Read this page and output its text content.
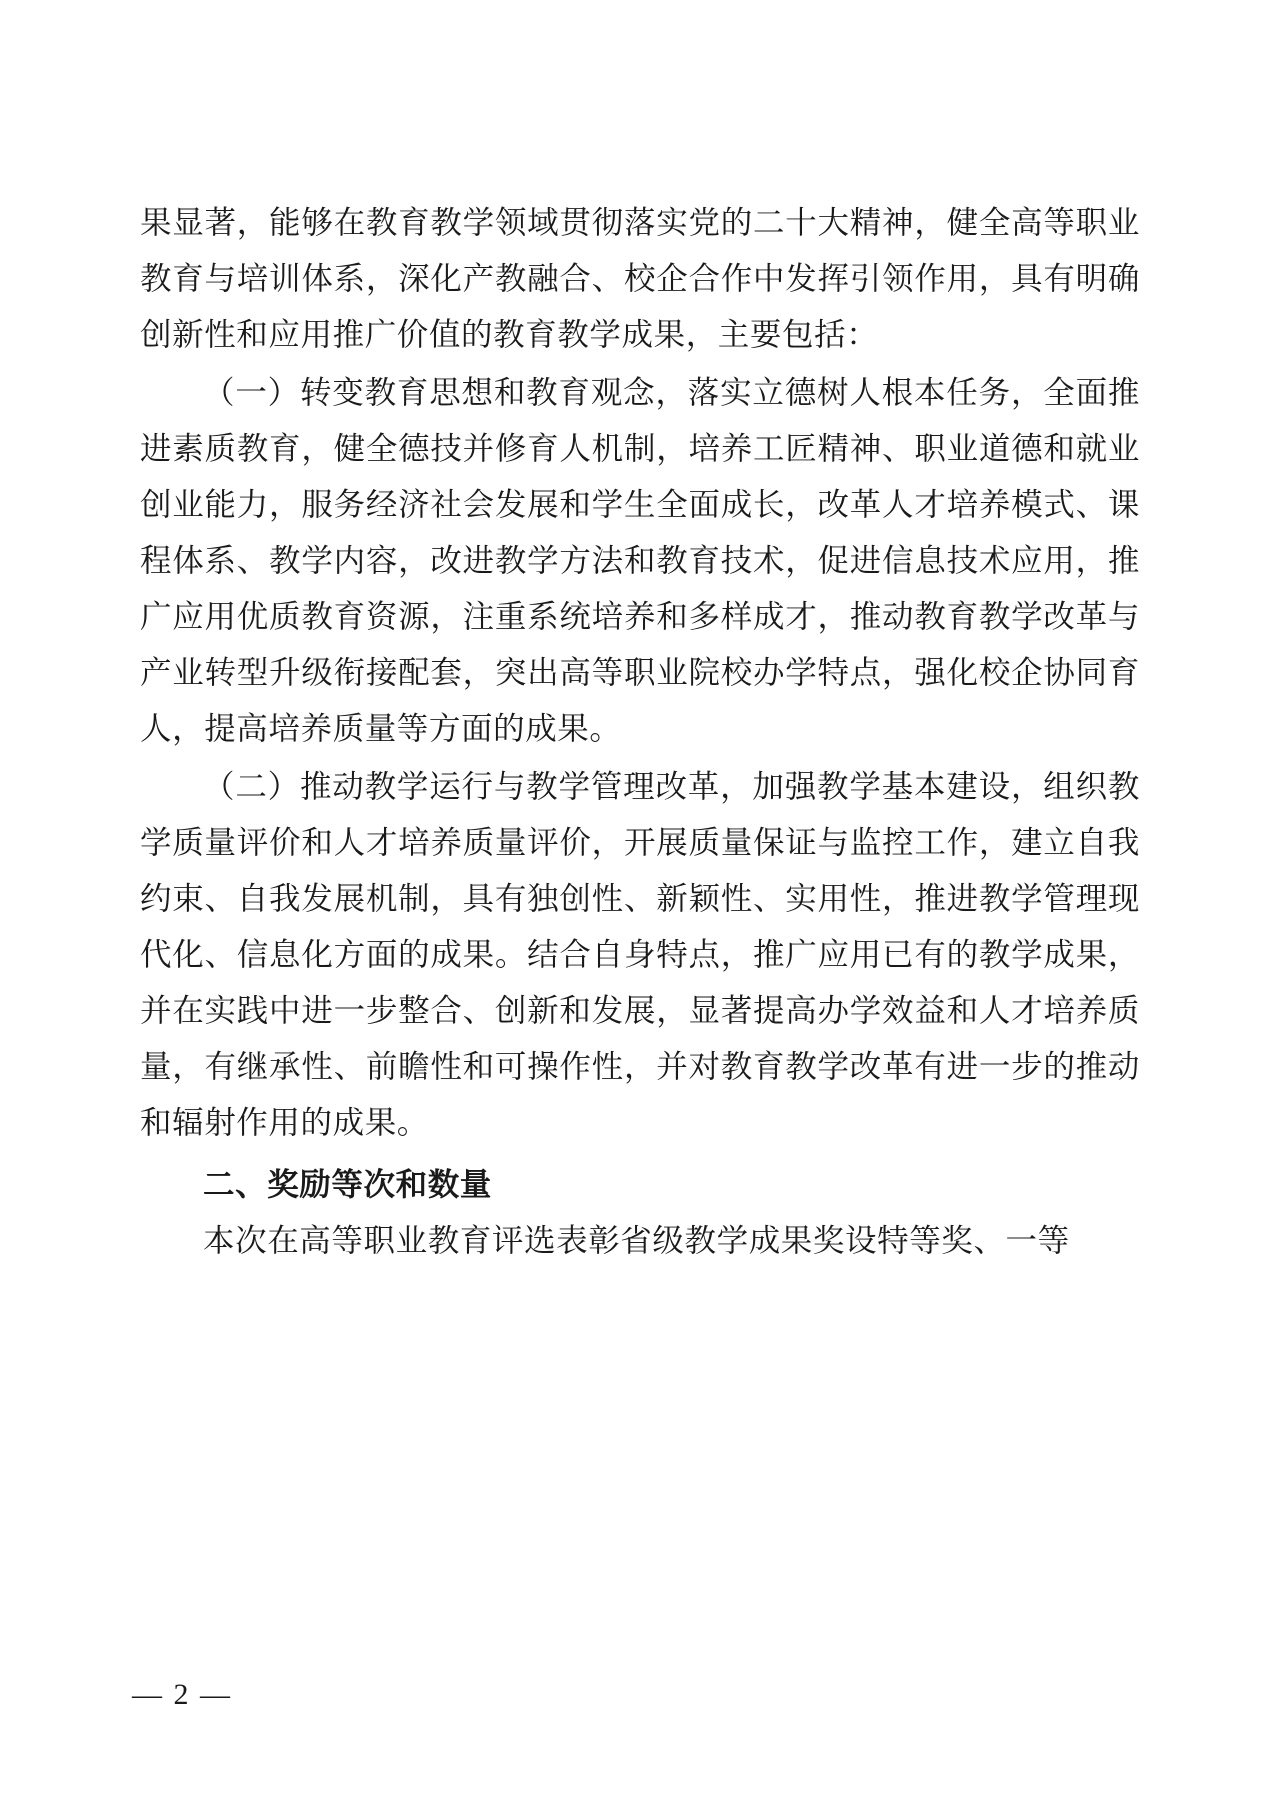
果显著，能够在教育教学领域贯彻落实党的二十大精神，健全高等职业教育与培训体系，深化产教融合、校企合作中发挥引领作用，具有明确创新性和应用推广价值的教育教学成果，主要包括：

（一）转变教育思想和教育观念，落实立德树人根本任务，全面推进素质教育，健全德技并修育人机制，培养工匠精神、职业道德和就业创业能力，服务经济社会发展和学生全面成长，改革人才培养模式、课程体系、教学内容，改进教学方法和教育技术，促进信息技术应用，推广应用优质教育资源，注重系统培养和多样成才，推动教育教学改革与产业转型升级衔接配套，突出高等职业院校办学特点，强化校企协同育人，提高培养质量等方面的成果。

（二）推动教学运行与教学管理改革，加强教学基本建设，组织教学质量评价和人才培养质量评价，开展质量保证与监控工作，建立自我约束、自我发展机制，具有独创性、新颖性、实用性，推进教学管理现代化、信息化方面的成果。结合自身特点，推广应用已有的教学成果，并在实践中进一步整合、创新和发展，显著提高办学效益和人才培养质量，有继承性、前瞻性和可操作性，并对教育教学改革有进一步的推动和辐射作用的成果。

二、奖励等次和数量

本次在高等职业教育评选表彰省级教学成果奖设特等奖、一等

— 2 —
